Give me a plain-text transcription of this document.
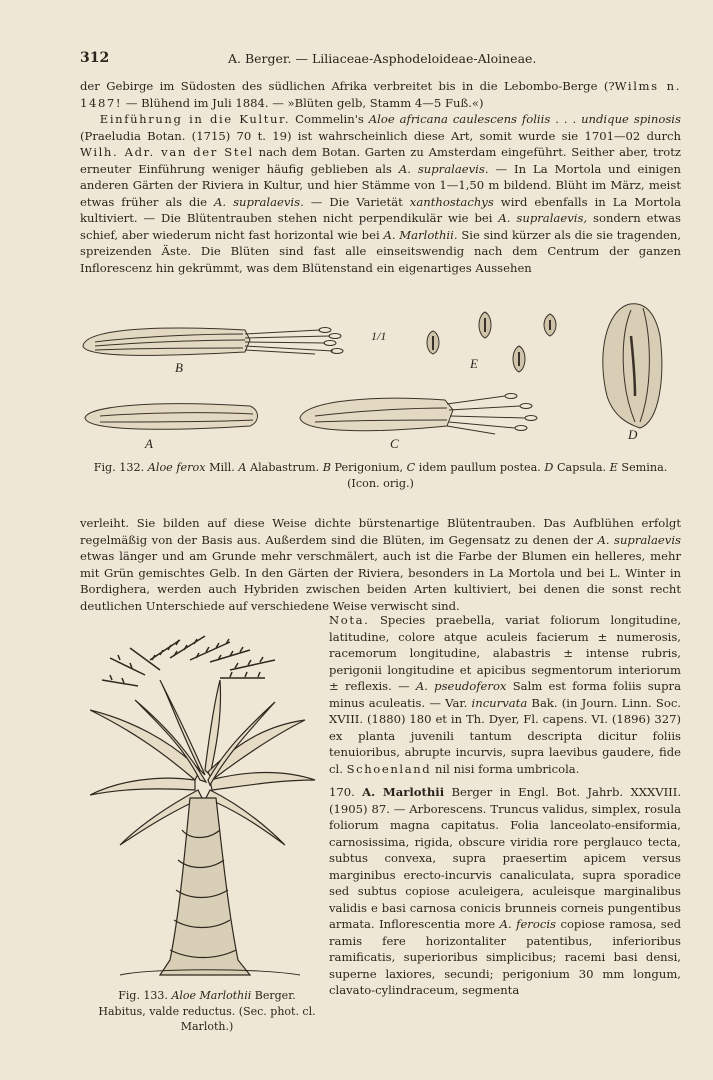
312	A. Berger. — Liliaceae-Asphodeloideae-Aloineae.

der Gebirge im Südosten des südlichen Afrika verbreitet bis in die Lebombo-Berge (?Wilms n. 1487! — Blühend im Juli 1884. — »Blüten gelb, Stamm 4—5 Fuß.«)
Einführung in die Kultur. Commelin's Aloe africana caulescens foliis . . . undique spinosis (Praeludia Botan. (1715) 70 t. 19) ist wahrscheinlich diese Art, somit wurde sie 1701—02 durch Wilh. Adr. van der Stel nach dem Botan. Garten zu Amsterdam eingeführt. Seither aber, trotz erneuter Einführung weniger häufig geblieben als A. supralaevis. — In La Mortola und einigen anderen Gärten der Riviera in Kultur, und hier Stämme von 1—1,50 m bildend. Blüht im März, meist etwas früher als die A. supralaevis. — Die Varietät xanthostachys wird ebenfalls in La Mortola kultiviert. — Die Blütentrauben stehen nicht perpendikulär wie bei A. supralaevis, sondern etwas schief, aber wiederum nicht fast horizontal wie bei A. Marlothii. Sie sind kürzer als die sie tragenden, spreizenden Äste. Die Blüten sind fast alle einseitswendig nach dem Centrum der ganzen Inflorescenz hin gekrümmt, was dem Blütenstand ein eigenartiges Aussehen

B
A	C
D
E
1/1
Fig. 132. Aloe ferox Mill. A Alabastrum. B Perigonium, C idem paullum postea. D Capsula. E Semina. (Icon. orig.)

verleiht. Sie bilden auf diese Weise dichte bürstenartige Blütentrauben. Das Aufblühen erfolgt regelmäßig von der Basis aus. Außerdem sind die Blüten, im Gegensatz zu denen der A. supralaevis etwas länger und am Grunde mehr verschmälert, auch ist die Farbe der Blumen ein helleres, mehr mit Grün gemischtes Gelb. In den Gärten der Riviera, besonders in La Mortola und bei L. Winter in Bordighera, werden auch Hybriden zwischen beiden Arten kultiviert, bei denen die sonst recht deutlichen Unterschiede auf verschiedene Weise verwischt sind.

Fig. 133. Aloe Marlothii Berger. Habitus, valde reductus. (Sec. phot. cl. Marloth.)

Nota. Species praebella, variat foliorum longitudine, latitudine, colore atque aculeis facierum ± numerosis, racemorum longitudine, alabastris ± intense rubris, perigonii longitudine et apicibus segmentorum interiorum ± reflexis. — A. pseudoferox Salm est forma foliis supra minus aculeatis. — Var. incurvata Bak. (in Journ. Linn. Soc. XVIII. (1880) 180 et in Th. Dyer, Fl. capens. VI. (1896) 327) ex planta juvenili tantum descripta dicitur foliis tenuioribus, abrupte incurvis, supra laevibus gaudere, fide cl. Schoenland nil nisi forma umbricola.

170. A. Marlothii Berger in Engl. Bot. Jahrb. XXXVIII. (1905) 87. — Arborescens. Truncus validus, simplex, rosula foliorum magna capitatus. Folia lanceolato-ensiformia, carnosissima, rigida, obscure viridia rore perglauco tecta, subtus convexa, supra praesertim apicem versus marginibus erecto-incurvis canaliculata, supra sporadice sed subtus copiose aculeigera, aculeisque marginalibus validis e basi carnosa conicis brunneis corneis pungentibus armata. Inflorescentia more A. ferocis copiose ramosa, sed ramis fere horizontaliter patentibus, inferioribus ramificatis, superioribus simplicibus; racemi basi densi, superne laxiores, secundi; perigonium 30 mm longum, clavato-cylindraceum, segmenta
